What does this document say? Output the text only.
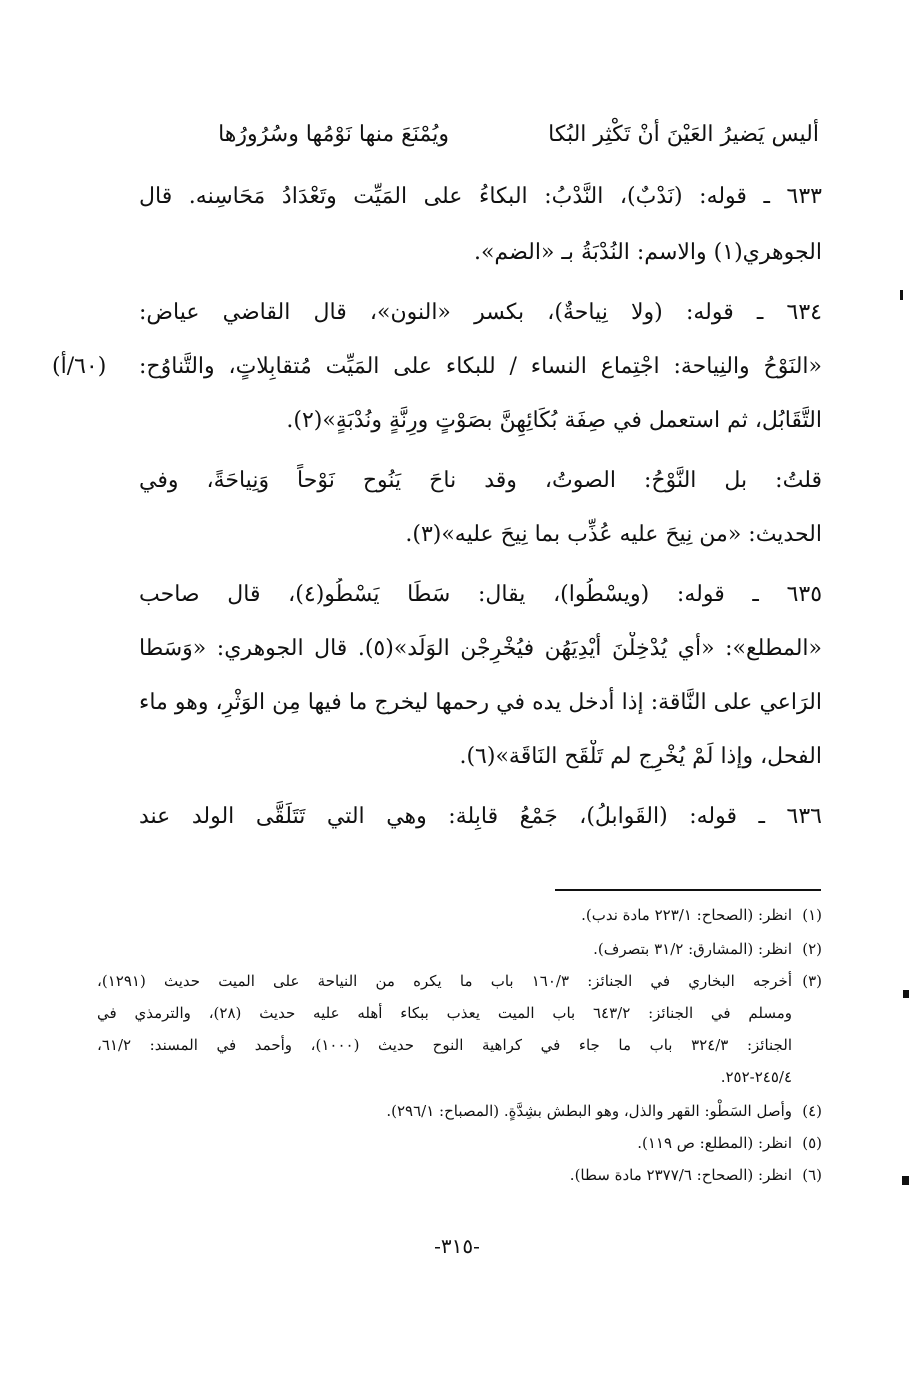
أليس يَضيرُ العَيْنَ أنْ تَكْثِر البُكا
ويُمْنَعَ منها نَوْمُها وسُرُورُها
٦٣٣ ـ قوله: (نَدْبٌ)، النَّدْبُ: البكاءُ على المَيِّت وتَعْدَادُ مَحَاسِنه. قال
الجوهري(١) والاسم: النُدْبَةُ بـ «الضم».
٦٣٤ ـ قوله: (ولا نِياحةٌ)، بكسر «النون»، قال القاضي عياض:
«النَوْحُ والنِياحة: اجْتِماع النساء / للبكاء على المَيِّت مُتقابِلاتٍ، والتَّناوُح:
التَّقَابُل، ثم استعمل في صِفَة بُكَائِهِنَّ بصَوْتٍ ورِنَّةٍ ونُدْبَةٍ»(٢).
(٦٠/أ)
قلتُ: بل النَّوْحُ: الصوتُ، وقد ناحَ يَنُوح نَوْحاً وَنِياحَةً، وفي
الحديث: «من نِيحَ عليه عُذِّب بما نِيحَ عليه»(٣).
٦٣٥ ـ قوله: (ويسْطُوا)، يقال: سَطَا يَسْطُو(٤)، قال صاحب
«المطلع»: «أي يُدْخِلْنَ أيْدِيَهُن فيُخْرِجْن الوَلَد»(٥). قال الجوهري: «وَسَطا
الرَاعي على النَّاقة: إذا أدخل يده في رحمها ليخرج ما فيها مِن الوَثْرِ، وهو ماء
الفحل، وإذا لَمْ يُخْرِج لم تَلْقَح النَاقَة»(٦).
٦٣٦ ـ قوله: (القَوابلُ)، جَمْعُ قابِلة: وهي التي تَتَلَقَّى الولد عند
(١)انظر: (الصحاح: ٢٢٣/١ مادة ندب).
(٢)انظر: (المشارق: ٣١/٢ بتصرف).
(٣)أخرجه البخاري في الجنائز: ١٦٠/٣ باب ما يكره من النياحة على الميت حديث (١٢٩١)،
ومسلم في الجنائز: ٦٤٣/٢ باب الميت يعذب ببكاء أهله عليه حديث (٢٨)، والترمذي في
الجنائز: ٣٢٤/٣ باب ما جاء في كراهية النوح حديث (١٠٠٠)، وأحمد في المسند: ٦١/٢،
٢٤٥/٤-٢٥٢.
(٤)وأصل السَطْو: القهر والذل، وهو البطش بشِدَّةٍ. (المصباح: ٢٩٦/١).
(٥)انظر: (المطلع: ص ١١٩).
(٦)انظر: (الصحاح: ٢٣٧٧/٦ مادة سطا).
-٣١٥-
